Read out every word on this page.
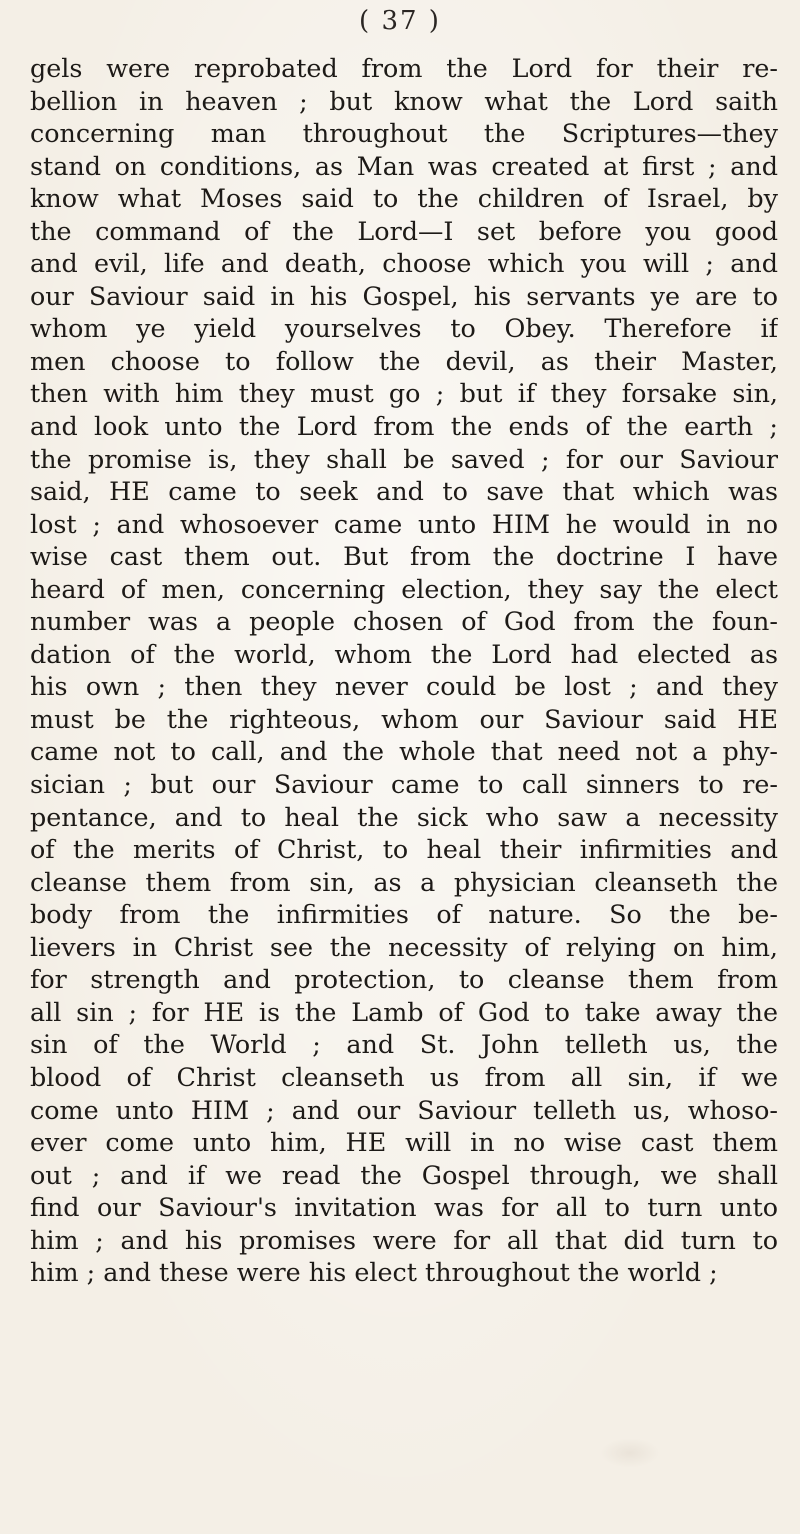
( 37 )
gels were reprobated from the Lord for their re-
bellion in heaven ; but know what the Lord saith
concerning man throughout the Scriptures—they
stand on conditions, as Man was created at first ; and
know what Moses said to the children of Israel, by
the command of the Lord—I set before you good
and evil, life and death, choose which you will ; and
our Saviour said in his Gospel, his servants ye are to
whom ye yield yourselves to Obey. Therefore if
men choose to follow the devil, as their Master,
then with him they must go ; but if they forsake sin,
and look unto the Lord from the ends of the earth ;
the promise is, they shall be saved ; for our Saviour
said, HE came to seek and to save that which was
lost ; and whosoever came unto HIM he would in no
wise cast them out. But from the doctrine I have
heard of men, concerning election, they say the elect
number was a people chosen of God from the foun-
dation of the world, whom the Lord had elected as
his own ; then they never could be lost ; and they
must be the righteous, whom our Saviour said HE
came not to call, and the whole that need not a phy-
sician ; but our Saviour came to call sinners to re-
pentance, and to heal the sick who saw a necessity
of the merits of Christ, to heal their infirmities and
cleanse them from sin, as a physician cleanseth the
body from the infirmities of nature. So the be-
lievers in Christ see the necessity of relying on him,
for strength and protection, to cleanse them from
all sin ; for HE is the Lamb of God to take away the
sin of the World ; and St. John telleth us, the
blood of Christ cleanseth us from all sin, if we
come unto HIM ; and our Saviour telleth us, whoso-
ever come unto him, HE will in no wise cast them
out ; and if we read the Gospel through, we shall
find our Saviour's invitation was for all to turn unto
him ; and his promises were for all that did turn to
him ; and these were his elect throughout the world ;
